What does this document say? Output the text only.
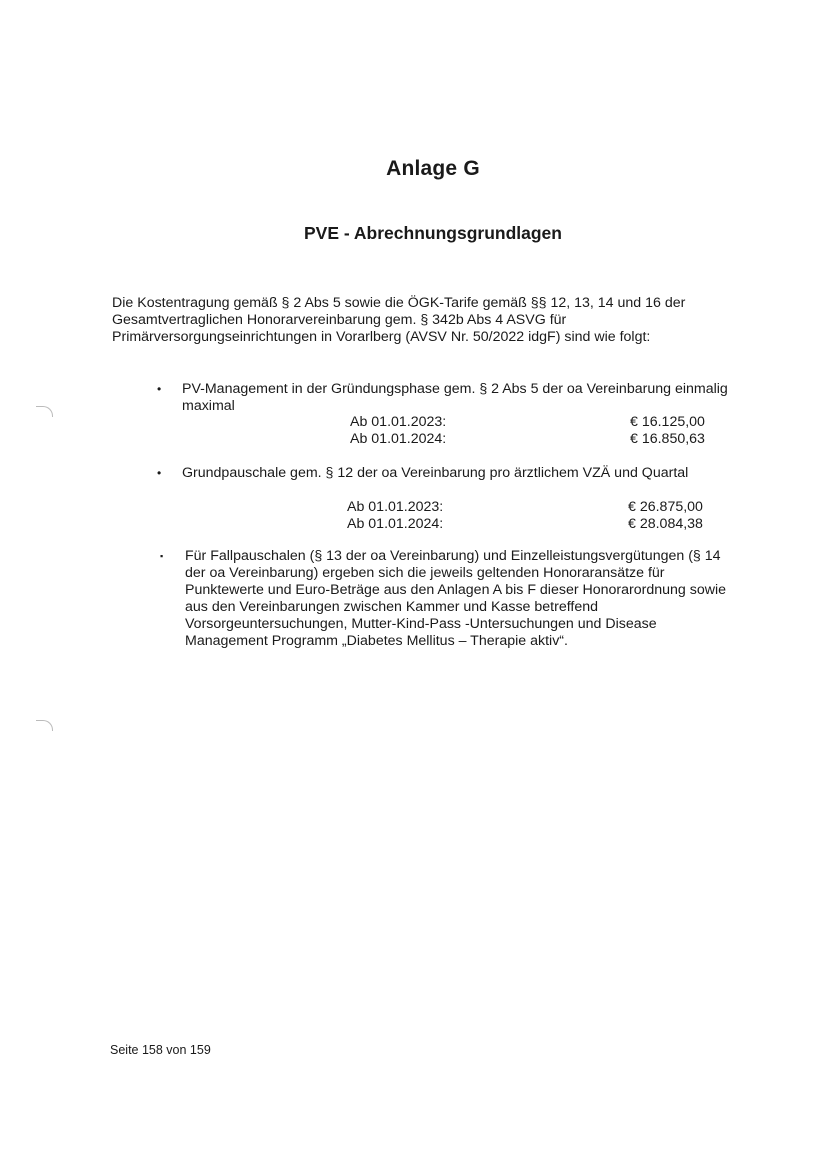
Anlage G
PVE - Abrechnungsgrundlagen
Die Kostentragung gemäß § 2 Abs 5 sowie die ÖGK-Tarife gemäß §§ 12, 13, 14 und 16 der
Gesamtvertraglichen Honorarvereinbarung gem. § 342b Abs 4 ASVG für
Primärversorgungseinrichtungen in Vorarlberg (AVSV Nr. 50/2022 idgF) sind wie folgt:
• PV-Management in der Gründungsphase gem. § 2 Abs 5 der oa Vereinbarung einmalig
maximal
Ab 01.01.2023:	€ 16.125,00
Ab 01.01.2024:	€ 16.850,63
• Grundpauschale gem. § 12 der oa Vereinbarung pro ärztlichem VZÄ und Quartal
Ab 01.01.2023:	€ 26.875,00
Ab 01.01.2024:	€ 28.084,38
▪ Für Fallpauschalen (§ 13 der oa Vereinbarung) und Einzelleistungsvergütungen (§ 14
der oa Vereinbarung) ergeben sich die jeweils geltenden Honoraransätze für
Punktewerte und Euro-Beträge aus den Anlagen A bis F dieser Honorarordnung sowie
aus den Vereinbarungen zwischen Kammer und Kasse betreffend
Vorsorgeuntersuchungen, Mutter-Kind-Pass -Untersuchungen und Disease
Management Programm „Diabetes Mellitus – Therapie aktiv“.
Seite 158 von 159
